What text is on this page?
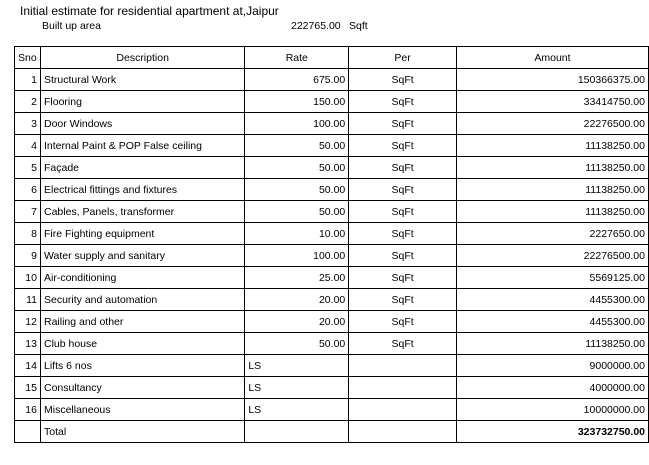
Initial estimate for residential apartment at,Jaipur
Built up area	222765.00 Sqft
Sno	Description	Rate	Per	Amount
1	Structural Work	675.00	SqFt	150366375.00
2	Flooring	150.00	SqFt	33414750.00
3	Door Windows	100.00	SqFt	22276500.00
4	Internal Paint & POP False ceiling	50.00	SqFt	11138250.00
5	Façade	50.00	SqFt	11138250.00
6	Electrical fittings and fixtures	50.00	SqFt	11138250.00
7	Cables, Panels, transformer	50.00	SqFt	11138250.00
8	Fire Fighting equipment	10.00	SqFt	2227650.00
9	Water supply and sanitary	100.00	SqFt	22276500.00
10	Air-conditioning	25.00	SqFt	5569125.00
11	Security and automation	20.00	SqFt	4455300.00
12	Railing and other	20.00	SqFt	4455300.00
13	Club house	50.00	SqFt	11138250.00
14	Lifts 6 nos	LS		9000000.00
15	Consultancy	LS		4000000.00
16	Miscellaneous	LS		10000000.00
	Total			323732750.00
